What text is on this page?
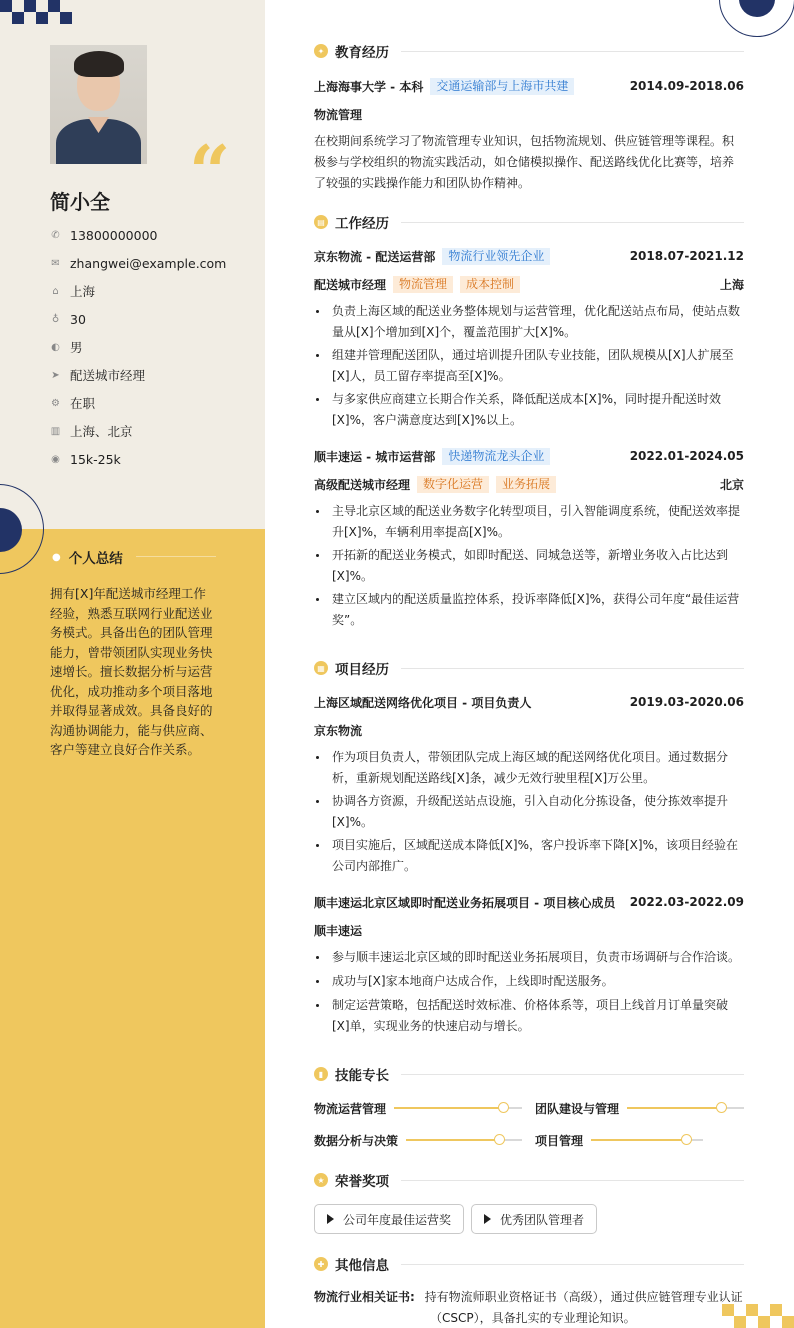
“
简小全
✆ 13800000000
✉ zhangwei@example.com
⌂ 上海
♁ 30
◐ 男
➤ 配送城市经理
⚙ 在职
▥ 上海、北京
◉ 15k-25k
● 个人总结
拥有[X]年配送城市经理工作经验，熟悉互联网行业配送业务模式。具备出色的团队管理能力，曾带领团队实现业务快速增长。擅长数据分析与运营优化，成功推动多个项目落地并取得显著成效。具备良好的沟通协调能力，能与供应商、客户等建立良好合作关系。
✦ 教育经历
上海海事大学 - 本科	交通运输部与上海市共建	2014.09-2018.06
物流管理
在校期间系统学习了物流管理专业知识，包括物流规划、供应链管理等课程。积极参与学校组织的物流实践活动，如仓储模拟操作、配送路线优化比赛等，培养了较强的实践操作能力和团队协作精神。
▤ 工作经历
京东物流 - 配送运营部	物流行业领先企业	2018.07-2021.12
配送城市经理	物流管理	成本控制	上海
负责上海区域的配送业务整体规划与运营管理，优化配送站点布局，使站点数量从[X]个增加到[X]个，覆盖范围扩大[X]%。
组建并管理配送团队，通过培训提升团队专业技能，团队规模从[X]人扩展至[X]人，员工留存率提高至[X]%。
与多家供应商建立长期合作关系，降低配送成本[X]%，同时提升配送时效[X]%，客户满意度达到[X]%以上。
顺丰速运 - 城市运营部	快递物流龙头企业	2022.01-2024.05
高级配送城市经理	数字化运营	业务拓展	北京
主导北京区域的配送业务数字化转型项目，引入智能调度系统，使配送效率提升[X]%，车辆利用率提高[X]%。
开拓新的配送业务模式，如即时配送、同城急送等，新增业务收入占比达到[X]%。
建立区域内的配送质量监控体系，投诉率降低[X]%，获得公司年度“最佳运营奖”。
▦ 项目经历
上海区域配送网络优化项目 - 项目负责人	2019.03-2020.06
京东物流
作为项目负责人，带领团队完成上海区域的配送网络优化项目。通过数据分析，重新规划配送路线[X]条，减少无效行驶里程[X]万公里。
协调各方资源，升级配送站点设施，引入自动化分拣设备，使分拣效率提升[X]%。
项目实施后，区域配送成本降低[X]%，客户投诉率下降[X]%，该项目经验在公司内部推广。
顺丰速运北京区域即时配送业务拓展项目 - 项目核心成员 2022.03-2022.09
顺丰速运
参与顺丰速运北京区域的即时配送业务拓展项目，负责市场调研与合作洽谈。
成功与[X]家本地商户达成合作，上线即时配送服务。
制定运营策略，包括配送时效标准、价格体系等，项目上线首月订单量突破[X]单，实现业务的快速启动与增长。
▮ 技能专长
物流运营管理	团队建设与管理
数据分析与决策	项目管理
★ 荣誉奖项
公司年度最佳运营奖	优秀团队管理者
✚ 其他信息
物流行业相关证书: 持有物流师职业资格证书（高级），通过供应链管理专业认证
（CSCP），具备扎实的专业理论知识。
